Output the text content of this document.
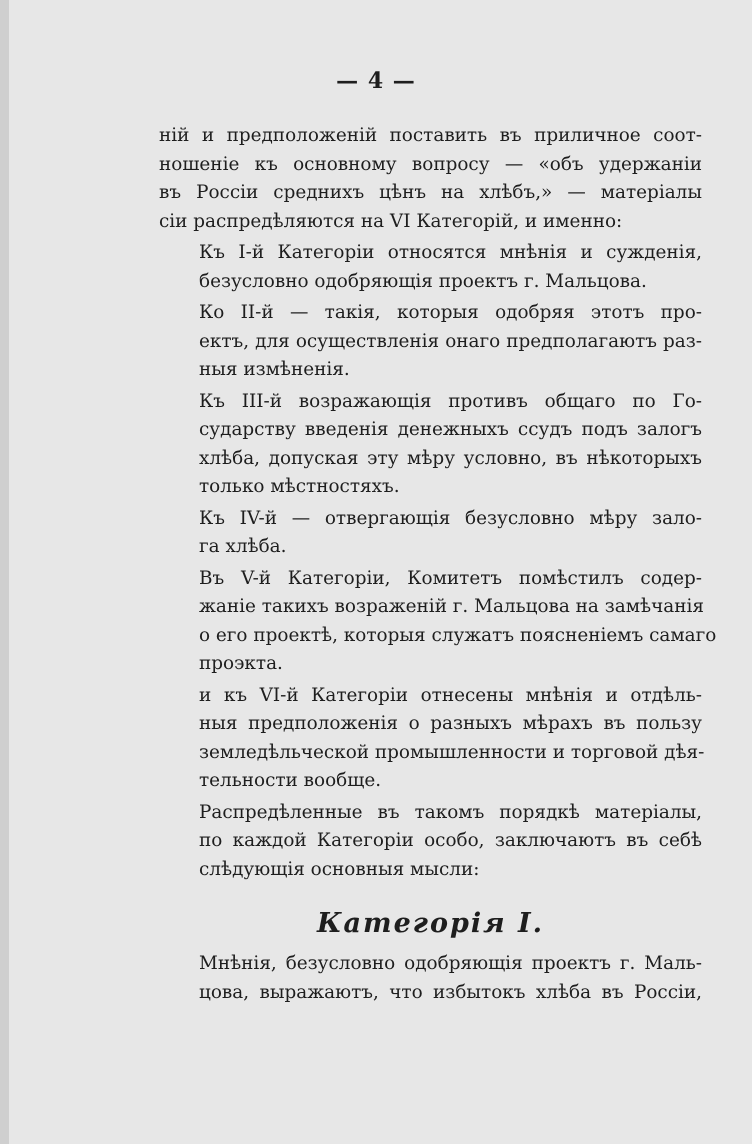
— 4 —

нiй и предположенiй поставить въ приличное соот-
ношенiе къ основному вопросу — «объ удержанiи
въ Россiи среднихъ цѣнъ на хлѣбъ,» — матерiалы
сiи распредѣляются на VI Категорiй, и именно:

Къ I-й Категорiи относятся мнѣнiя и сужденiя,
безусловно одобряющiя проектъ г. Мальцова.

Ко II-й — такiя, которыя одобряя этотъ про-
ектъ, для осуществленiя онаго предполагаютъ раз-
ныя измѣненiя.

Къ III-й возражающiя противъ общаго по Го-
сударству введенiя денежныхъ ссудъ подъ залогъ
хлѣба, допуская эту мѣру условно, въ нѣкоторыхъ
только мѣстностяхъ.

Къ IV-й — отвергающiя безусловно мѣру зало-
га хлѣба.

Въ V-й Категорiи, Комитетъ помѣстилъ содер-
жанiе такихъ возраженiй г. Мальцова на замѣчанiя
о его проектѣ, которыя служатъ поясненiемъ самаго
проэкта.

и къ VI-й Категорiи отнесены мнѣнiя и отдѣль-
ныя предположенiя о разныхъ мѣрахъ въ пользу
земледѣльческой промышленности и торговой дѣя-
тельности вообще.

Распредѣленные въ такомъ порядкѣ матерiалы,
по каждой Категорiи особо, заключаютъ въ себѣ
слѣдующiя основныя мысли:

Категорiя I.

Мнѣнiя, безусловно одобряющiя проектъ г. Маль-
цова, выражаютъ, что избытокъ хлѣба въ Россiи,
